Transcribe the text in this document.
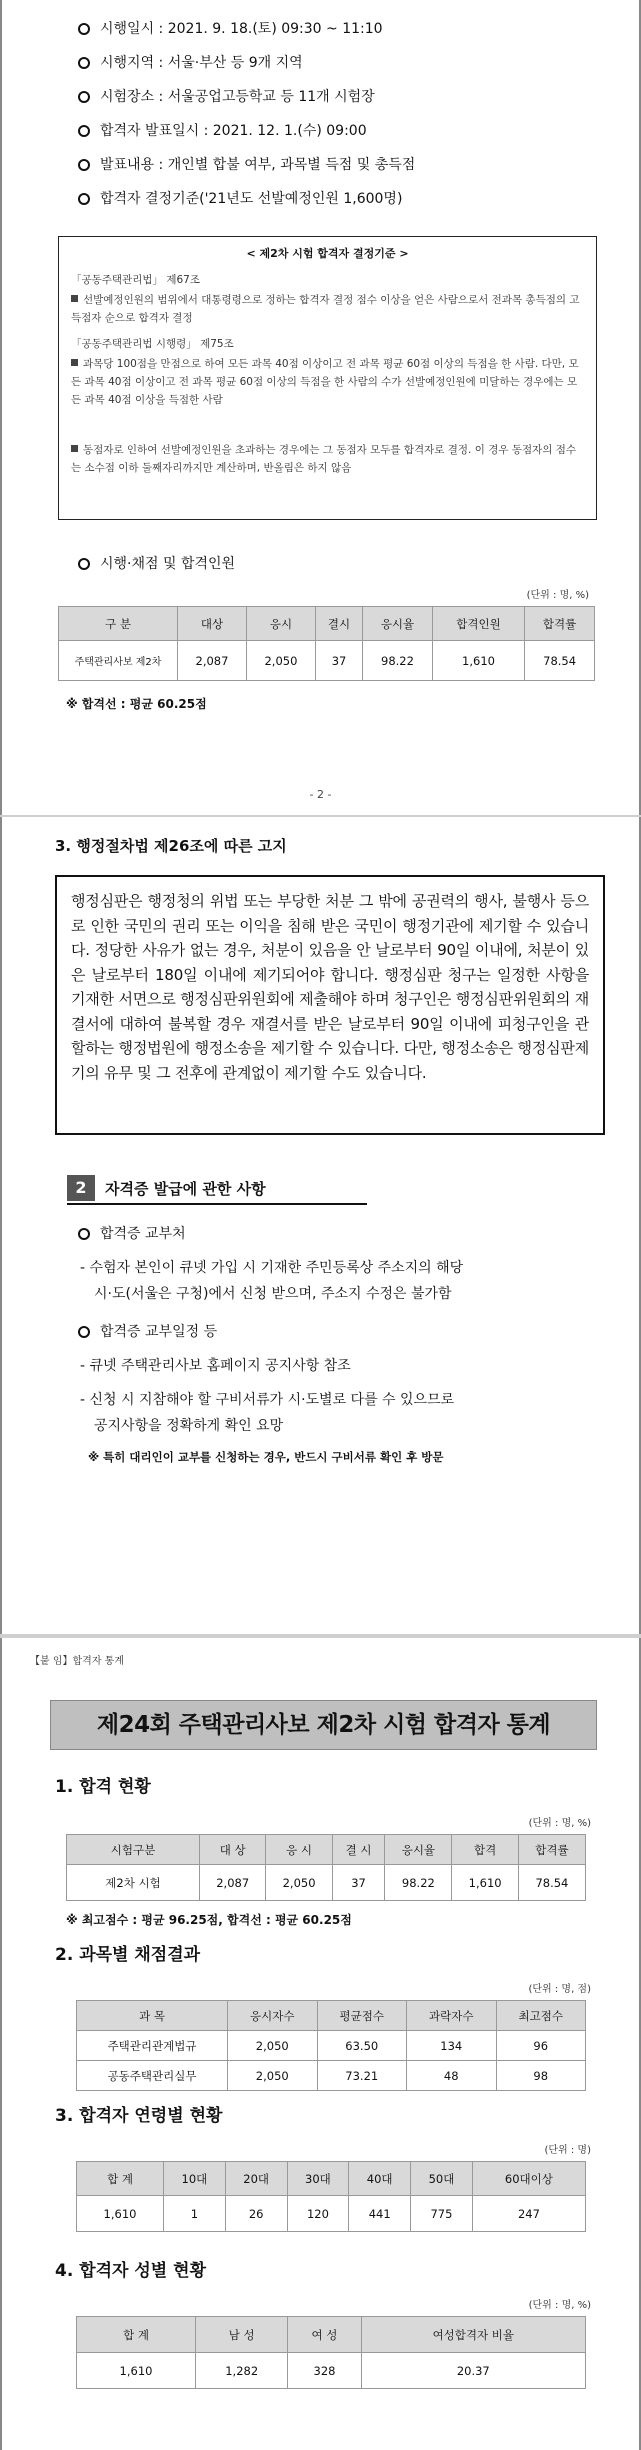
시행일시 : 2021. 9. 18.(토) 09:30 ~ 11:10
시행지역 : 서울·부산 등 9개 지역
시험장소 : 서울공업고등학교 등 11개 시험장
합격자 발표일시 : 2021. 12. 1.(수) 09:00
발표내용 : 개인별 합불 여부, 과목별 득점 및 총득점
합격자 결정기준('21년도 선발예정인원 1,600명)
< 제2차 시험 합격자 결정기준 >
「공동주택관리법」 제67조
선발예정인원의 범위에서 대통령령으로 정하는 합격자 결정 점수 이상을 얻은 사람으로서 전과목 총득점의 고득점자 순으로 합격자 결정
「공동주택관리법 시행령」 제75조
과목당 100점을 만점으로 하여 모든 과목 40점 이상이고 전 과목 평균 60점 이상의 득점을 한 사람. 다만, 모든 과목 40점 이상이고 전 과목 평균 60점 이상의 득점을 한 사람의 수가 선발예정인원에 미달하는 경우에는 모든 과목 40점 이상을 득점한 사람
동점자로 인하여 선발예정인원을 초과하는 경우에는 그 동점자 모두를 합격자로 결정. 이 경우 동점자의 점수는 소수점 이하 둘째자리까지만 계산하며, 반올림은 하지 않음
시행·채점 및 합격인원
(단위 : 명, %)
구 분	대상	응시	결시	응시율	합격인원	합격률
주택관리사보 제2차	2,087	2,050	37	98.22	1,610	78.54
※ 합격선 : 평균 60.25점
- 2 -
3. 행정절차법 제26조에 따른 고지
행정심판은 행정청의 위법 또는 부당한 처분 그 밖에 공권력의 행사, 불행사 등으로 인한 국민의 권리 또는 이익을 침해 받은 국민이 행정기관에 제기할 수 있습니다. 정당한 사유가 없는 경우, 처분이 있음을 안 날로부터 90일 이내에, 처분이 있은 날로부터 180일 이내에 제기되어야 합니다. 행정심판 청구는 일정한 사항을 기재한 서면으로 행정심판위원회에 제출해야 하며 청구인은 행정심판위원회의 재결서에 대하여 불복할 경우 재결서를 받은 날로부터 90일 이내에 피청구인을 관할하는 행정법원에 행정소송을 제기할 수 있습니다. 다만, 행정소송은 행정심판제기의 유무 및 그 전후에 관계없이 제기할 수도 있습니다.
2	자격증 발급에 관한 사항
합격증 교부처
- 수험자 본인이 큐넷 가입 시 기재한 주민등록상 주소지의 해당
시·도(서울은 구청)에서 신청 받으며, 주소지 수정은 불가함
합격증 교부일정 등
- 큐넷 주택관리사보 홈페이지 공지사항 참조
- 신청 시 지참해야 할 구비서류가 시·도별로 다를 수 있으므로
공지사항을 정확하게 확인 요망
※ 특히 대리인이 교부를 신청하는 경우, 반드시 구비서류 확인 후 방문
【붙 임】합격자 통계
제24회 주택관리사보 제2차 시험 합격자 통계
1. 합격 현황
(단위 : 명, %)
시험구분	대 상	응 시	결 시	응시율	합격	합격률
제2차 시험	2,087	2,050	37	98.22	1,610	78.54
※ 최고점수 : 평균 96.25점, 합격선 : 평균 60.25점
2. 과목별 채점결과
(단위 : 명, 점)
과 목	응시자수	평균점수	과락자수	최고점수
주택관리관계법규	2,050	63.50	134	96
공동주택관리실무	2,050	73.21	48	98
3. 합격자 연령별 현황
(단위 : 명)
합 계	10대	20대	30대	40대	50대	60대이상
1,610	1	26	120	441	775	247
4. 합격자 성별 현황
(단위 : 명, %)
합 계	남 성	여 성	여성합격자 비율
1,610	1,282	328	20.37
